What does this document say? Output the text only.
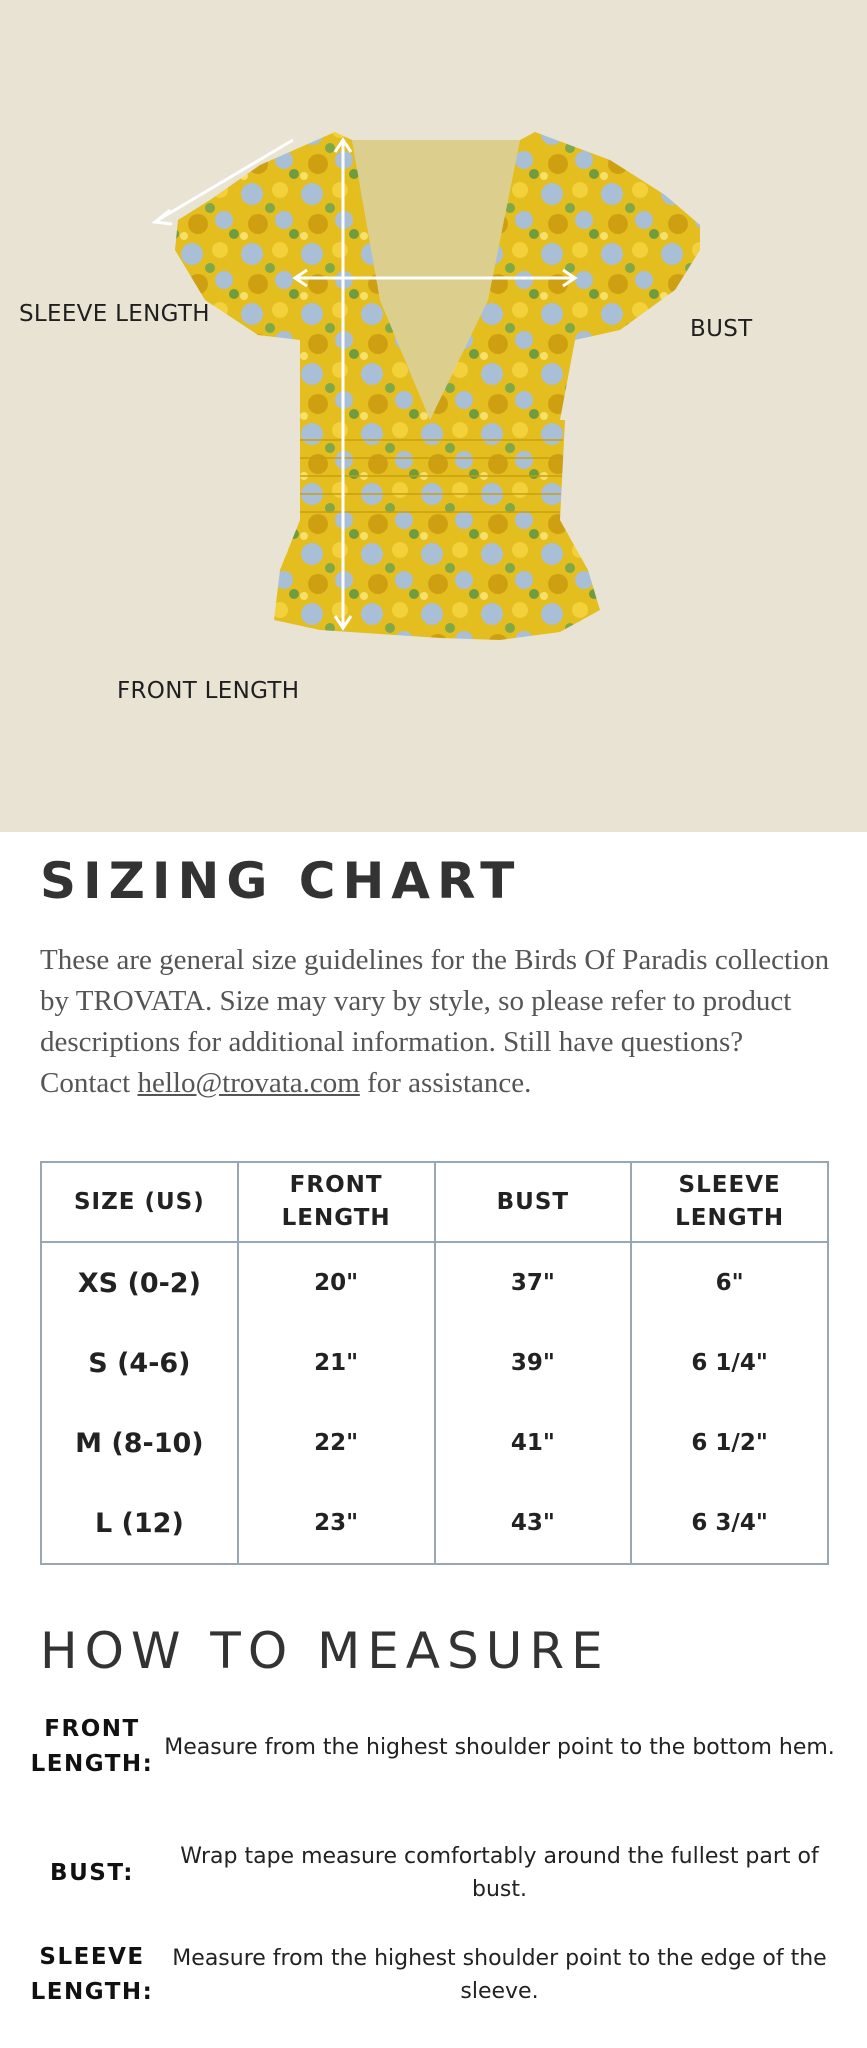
SLEEVE LENGTH
BUST
FRONT LENGTH
SIZING CHART
These are general size guidelines for the Birds Of Paradis collection by TROVATA. Size may vary by style, so please refer to product descriptions for additional information. Still have questions? Contact hello@trovata.com for assistance.
SIZE (US)	FRONT LENGTH	BUST	SLEEVE LENGTH

XS (0-2)	20"	37"	6"
S (4-6)	21"	39"	6 1/4"
M (8-10)	22"	41"	6 1/2"
L (12)	23"	43"	6 3/4"
HOW TO MEASURE
FRONT LENGTH:
Measure from the highest shoulder point to the bottom hem.
BUST:
Wrap tape measure comfortably around the fullest part of bust.
SLEEVE LENGTH:
Measure from the highest shoulder point to the edge of the sleeve.
